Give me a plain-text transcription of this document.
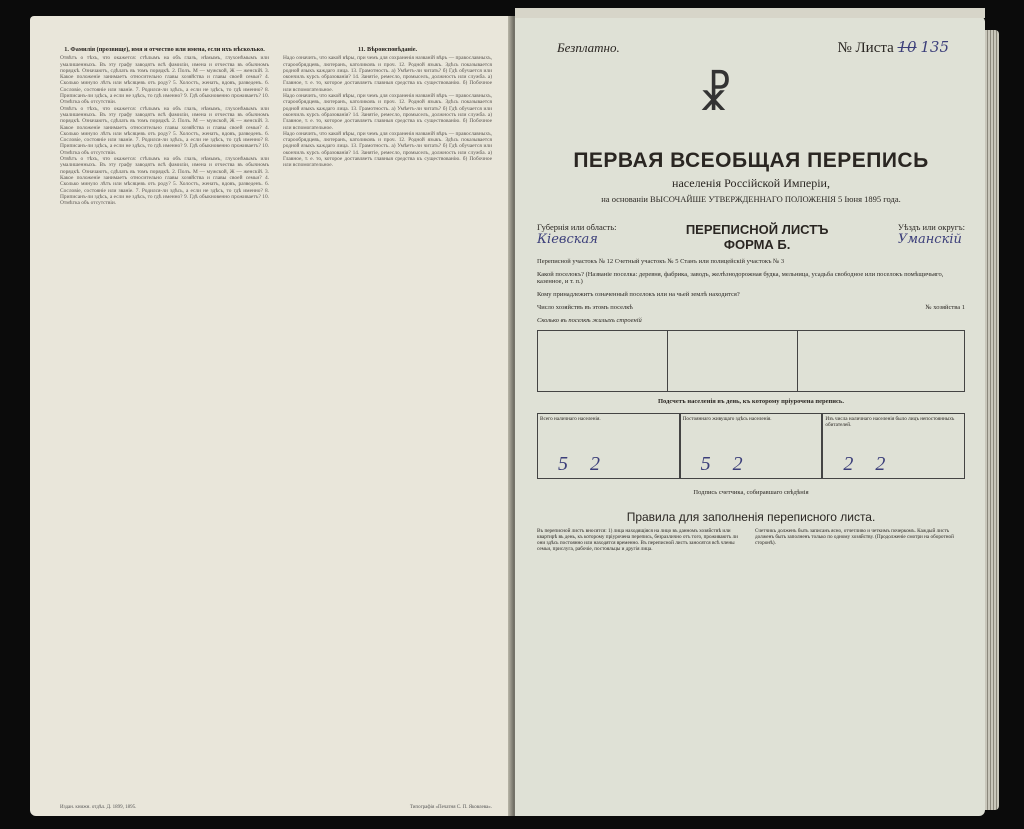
1. Фамилія (прозвище), имя и отчество или имена, если ихъ нѣсколько.
Отвѣтъ о тѣхъ, что окажется: стѣлымъ на объ глазъ, нѣмымъ, глухонѣмымъ или умалишенныхъ. Въ эту графу заводятъ всѣ фамиліи, имена и отчества въ обычномъ порядкѣ. Означаютъ, сдѣлать въ томъ порядкѣ. 2. Полъ. М — мужской, Ж — женскій. 3. Какое положеніе занимаетъ относительно главы хозяйства и главы своей семьи? 4. Сколько минуло лѣтъ или мѣсяцевъ отъ роду? 5. Холостъ, женатъ, вдовъ, разведенъ. 6. Сословіе, состояніе или званіе. 7. Родился-ли здѣсь, а если не здѣсь, то гдѣ именно? 8. Приписанъ-ли здѣсь, а если не здѣсь, то гдѣ именно? 9. Гдѣ обыкновенно проживаетъ? 10. Отмѣтка объ отсутствіи.
Отвѣтъ о тѣхъ, что окажется: стѣлымъ на объ глазъ, нѣмымъ, глухонѣмымъ или умалишенныхъ. Въ эту графу заводятъ всѣ фамиліи, имена и отчества въ обычномъ порядкѣ. Означаютъ, сдѣлать въ томъ порядкѣ. 2. Полъ. М — мужской, Ж — женскій. 3. Какое положеніе занимаетъ относительно главы хозяйства и главы своей семьи? 4. Сколько минуло лѣтъ или мѣсяцевъ отъ роду? 5. Холостъ, женатъ, вдовъ, разведенъ. 6. Сословіе, состояніе или званіе. 7. Родился-ли здѣсь, а если не здѣсь, то гдѣ именно? 8. Приписанъ-ли здѣсь, а если не здѣсь, то гдѣ именно? 9. Гдѣ обыкновенно проживаетъ? 10. Отмѣтка объ отсутствіи.
Отвѣтъ о тѣхъ, что окажется: стѣлымъ на объ глазъ, нѣмымъ, глухонѣмымъ или умалишенныхъ. Въ эту графу заводятъ всѣ фамиліи, имена и отчества въ обычномъ порядкѣ. Означаютъ, сдѣлать въ томъ порядкѣ. 2. Полъ. М — мужской, Ж — женскій. 3. Какое положеніе занимаетъ относительно главы хозяйства и главы своей семьи? 4. Сколько минуло лѣтъ или мѣсяцевъ отъ роду? 5. Холостъ, женатъ, вдовъ, разведенъ. 6. Сословіе, состояніе или званіе. 7. Родился-ли здѣсь, а если не здѣсь, то гдѣ именно? 8. Приписанъ-ли здѣсь, а если не здѣсь, то гдѣ именно? 9. Гдѣ обыкновенно проживаетъ? 10. Отмѣтка объ отсутствіи.
11. Вѣроисповѣданіе.
Надо означить, что какой вѣры, при чемъ для сохраненія названій вѣръ — православныхъ, старообрядцевъ, лютеранъ, католиковъ и проч. 12. Родной языкъ. Здѣсь показывается родной языкъ каждаго лица. 13. Грамотность. а) Умѣетъ-ли читать? б) Гдѣ обучается или окончилъ курсъ образованія? 14. Занятіе, ремесло, промыселъ, должность или служба. а) Главное, т. е. то, которое доставляетъ главныя средства къ существованію. б) Побочное или вспомогательное.
Надо означить, что какой вѣры, при чемъ для сохраненія названій вѣръ — православныхъ, старообрядцевъ, лютеранъ, католиковъ и проч. 12. Родной языкъ. Здѣсь показывается родной языкъ каждаго лица. 13. Грамотность. а) Умѣетъ-ли читать? б) Гдѣ обучается или окончилъ курсъ образованія? 14. Занятіе, ремесло, промыселъ, должность или служба. а) Главное, т. е. то, которое доставляетъ главныя средства къ существованію. б) Побочное или вспомогательное.
Надо означить, что какой вѣры, при чемъ для сохраненія названій вѣръ — православныхъ, старообрядцевъ, лютеранъ, католиковъ и проч. 12. Родной языкъ. Здѣсь показывается родной языкъ каждаго лица. 13. Грамотность. а) Умѣетъ-ли читать? б) Гдѣ обучается или окончилъ курсъ образованія? 14. Занятіе, ремесло, промыселъ, должность или служба. а) Главное, т. е. то, которое доставляетъ главныя средства къ существованію. б) Побочное или вспомогательное.
Издан. книжн. отдѣл. Д. 1899, 1895.	Типографія «Печатня С. П. Яковлева».
Безплатно.	№ Листа 10 135
☧
ПЕРВАЯ ВСЕОБЩАЯ ПЕРЕПИСЬ
населенія Россійской Имперіи,
на основаніи ВЫСОЧАЙШЕ УТВЕРЖДЕННАГО ПОЛОЖЕНІЯ 5 Іюня 1895 года.
Губернія или область:
Кіевская
ПЕРЕПИСНОЙ ЛИСТЪ
ФОРМА Б.
Уѣздъ или округъ:
Уманскій
Переписной участокъ № 12 Счетный участокъ № 5 Станъ или полицейскій участокъ № 3
Какой поселокъ? (Названіе поселка: деревня, фабрика, заводъ, желѣзнодорожная будка, мельница, усадьба свободное или поселокъ помѣщичьяго, казенное, и т. п.)
Кому принадлежитъ означенный поселокъ или на чьей землѣ находится?
Число хозяйствъ въ этомъ поселкѣ	№ хозяйства 1
Сколько въ поселкѣ жилыхъ строеній
Подсчетъ населенія въ день, къ которому пріурочена перепись.
Всего наличнаго населенія.
5 2
Постояннаго живущаго здѣсь населенія.
5 2
Изъ числа наличнаго населенія было лицъ непостоянныхъ обитателей.
2 2
Подпись счетчика, собиравшаго свѣдѣнія
Правила для заполненія переписного листа.
Въ переписной листъ вносятся: 1) лица находящіяся на лицо въ данномъ хозяйствѣ или квартирѣ въ день, къ которому пріурочена перепись, безразлично отъ того, проживаютъ ли они здѣсь постоянно или находятся временно. Въ переписной листъ заносятся всѣ члены семьи, прислуга, рабочіе, постояльцы и другія лица.
Счетчикъ долженъ быть записанъ ясно, отчетливо и четкимъ почеркомъ. Каждый листъ долженъ быть заполненъ только по одному хозяйству. (Продолженіе смотри на оборотной сторонѣ).
